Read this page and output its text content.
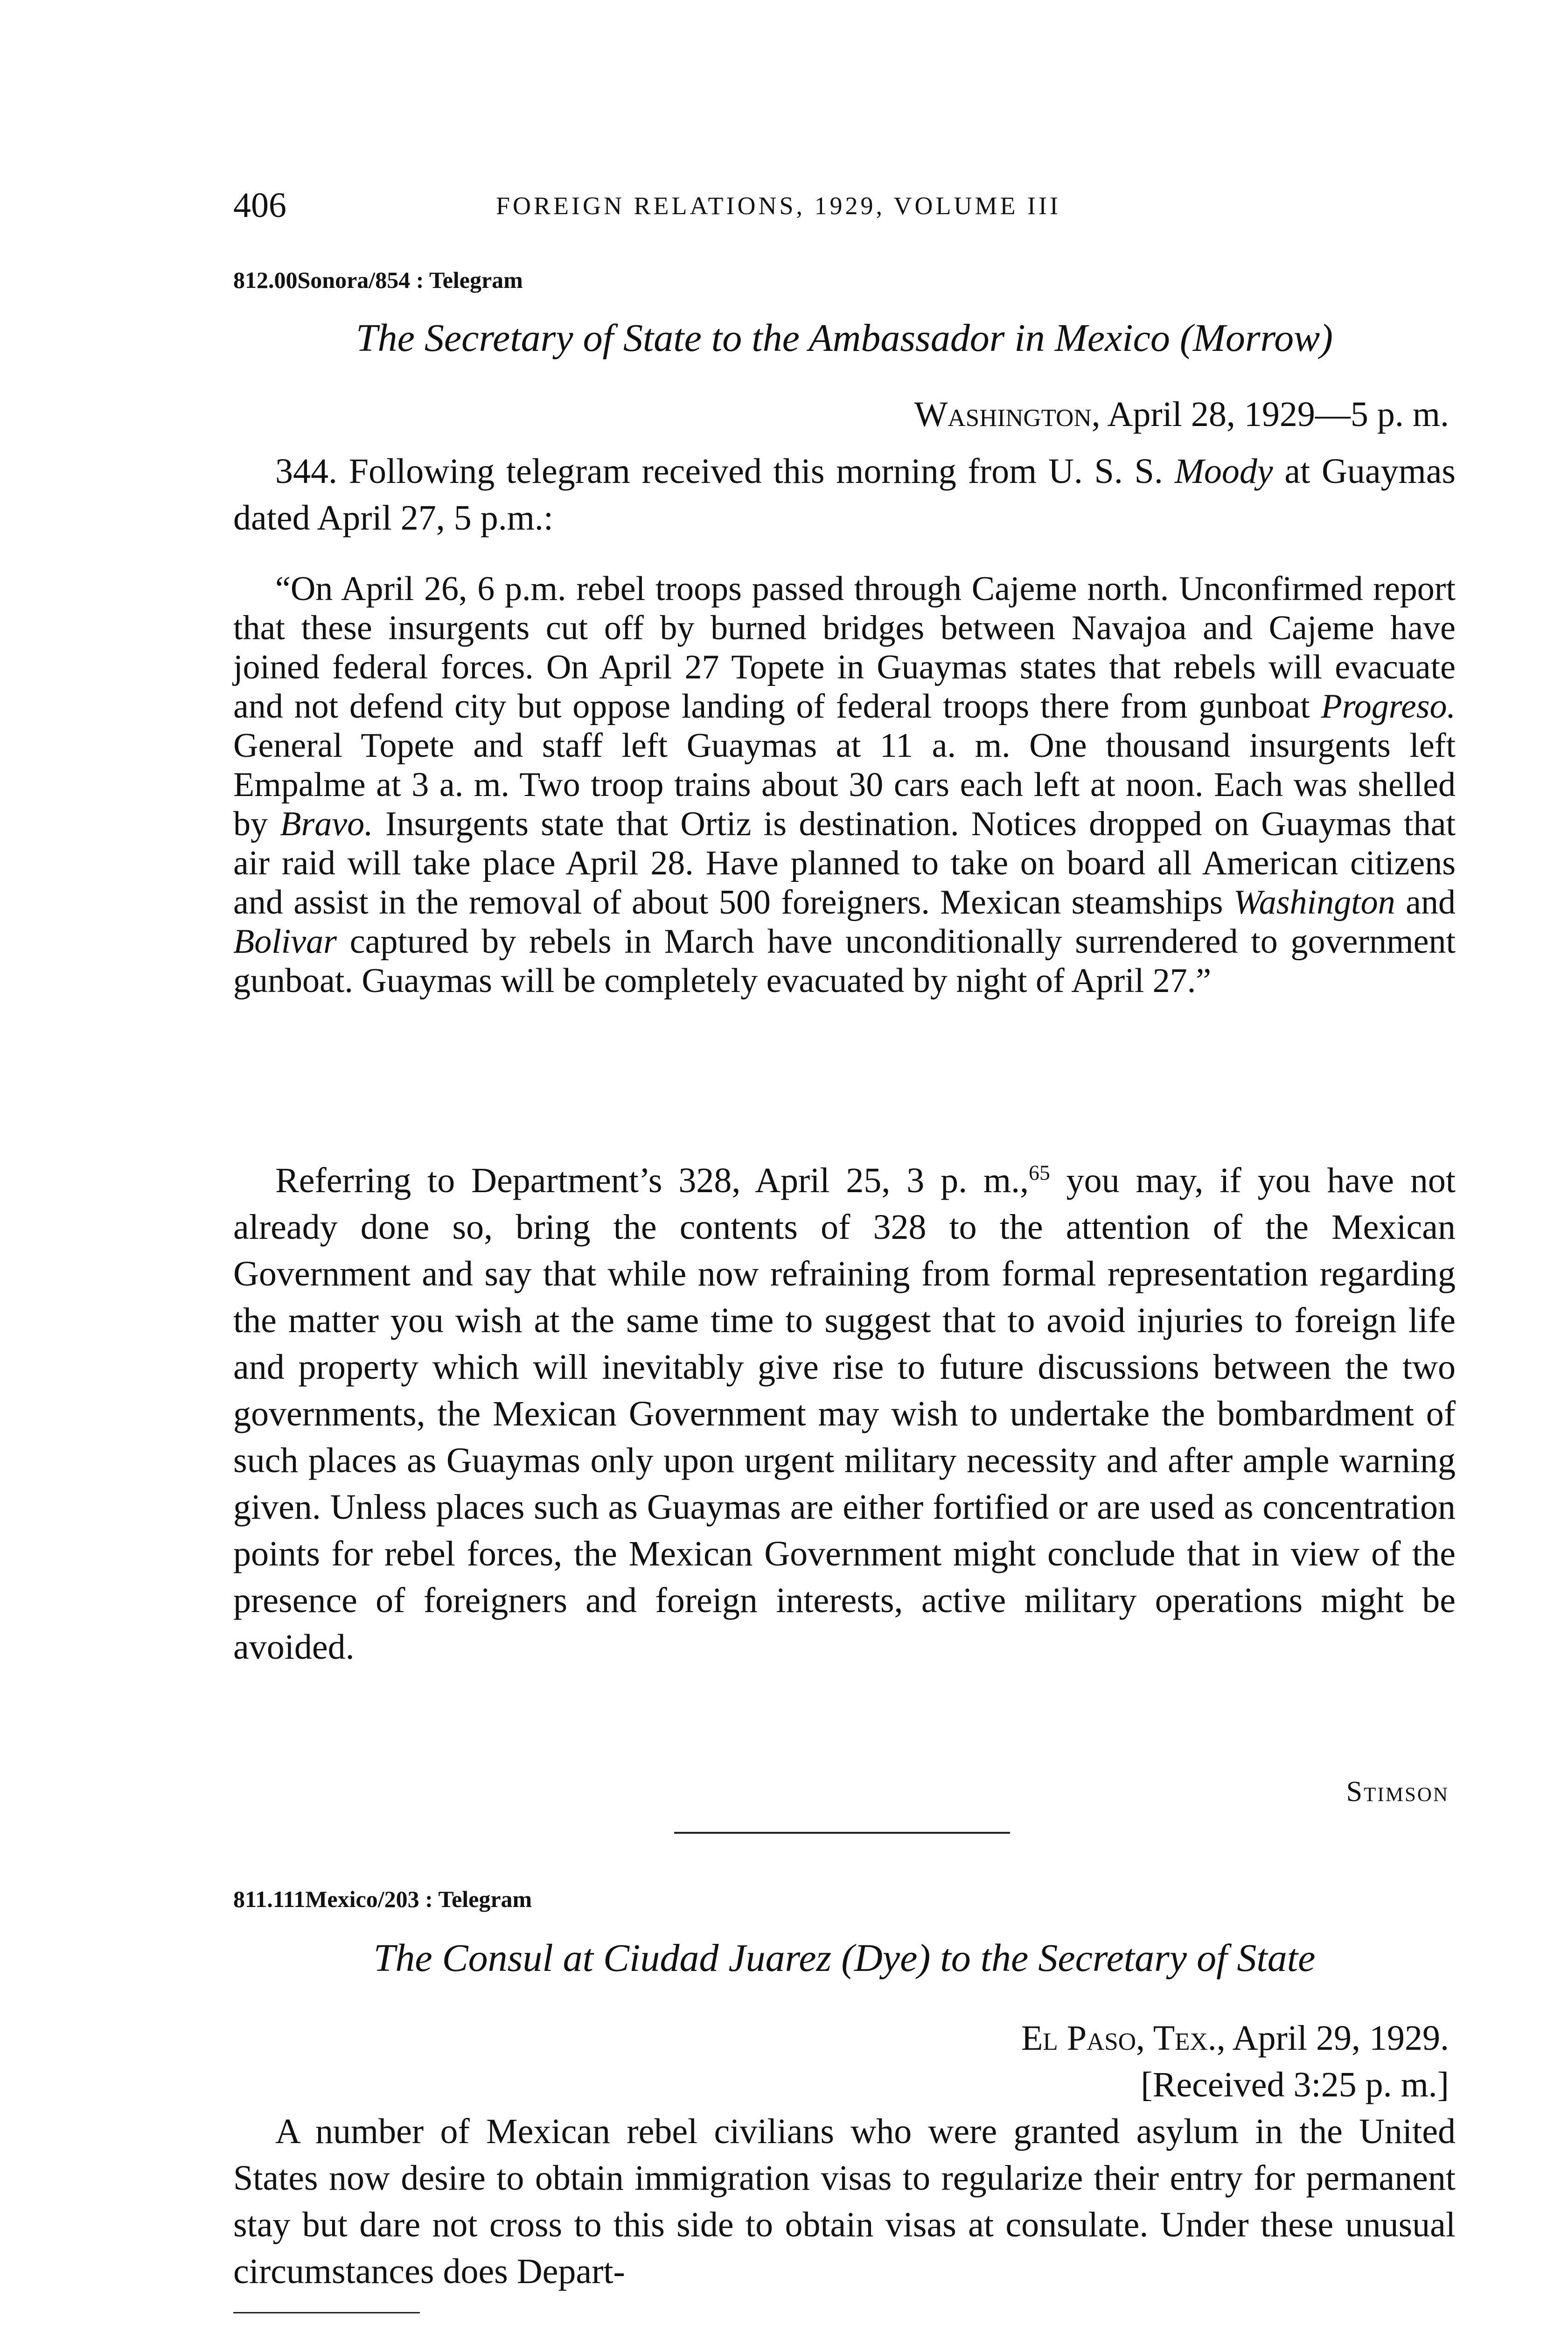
406	FOREIGN RELATIONS, 1929, VOLUME III
812.00Sonora/854 : Telegram
The Secretary of State to the Ambassador in Mexico (Morrow)
Washington, April 28, 1929—5 p. m.

344. Following telegram received this morning from U. S. S. Moody at Guaymas dated April 27, 5 p.m.:

“On April 26, 6 p.m. rebel troops passed through Cajeme north. Unconfirmed report that these insurgents cut off by burned bridges between Navajoa and Cajeme have joined federal forces. On April 27 Topete in Guaymas states that rebels will evacuate and not defend city but oppose landing of federal troops there from gunboat Progreso. General Topete and staff left Guaymas at 11 a. m. One thousand insurgents left Empalme at 3 a. m. Two troop trains about 30 cars each left at noon. Each was shelled by Bravo. Insurgents state that Ortiz is destination. Notices dropped on Guaymas that air raid will take place April 28. Have planned to take on board all American citizens and assist in the removal of about 500 foreigners. Mexican steamships Washington and Bolivar captured by rebels in March have unconditionally surrendered to government gunboat. Guaymas will be completely evacuated by night of April 27.”

Referring to Department’s 328, April 25, 3 p. m.,$^{65}$ you may, if you have not already done so, bring the contents of 328 to the attention of the Mexican Government and say that while now refraining from formal representation regarding the matter you wish at the same time to suggest that to avoid injuries to foreign life and property which will inevitably give rise to future discussions between the two governments, the Mexican Government may wish to undertake the bombardment of such places as Guaymas only upon urgent military necessity and after ample warning given. Unless places such as Guaymas are either fortified or are used as concentration points for rebel forces, the Mexican Government might conclude that in view of the presence of foreigners and foreign interests, active military operations might be avoided.

Stimson
811.111Mexico/203 : Telegram
The Consul at Ciudad Juarez (Dye) to the Secretary of State
El Paso, Tex., April 29, 1929.
[Received 3:25 p. m.]

A number of Mexican rebel civilians who were granted asylum in the United States now desire to obtain immigration visas to regularize their entry for permanent stay but dare not cross to this side to obtain visas at consulate. Under these unusual circumstances does Depart-
